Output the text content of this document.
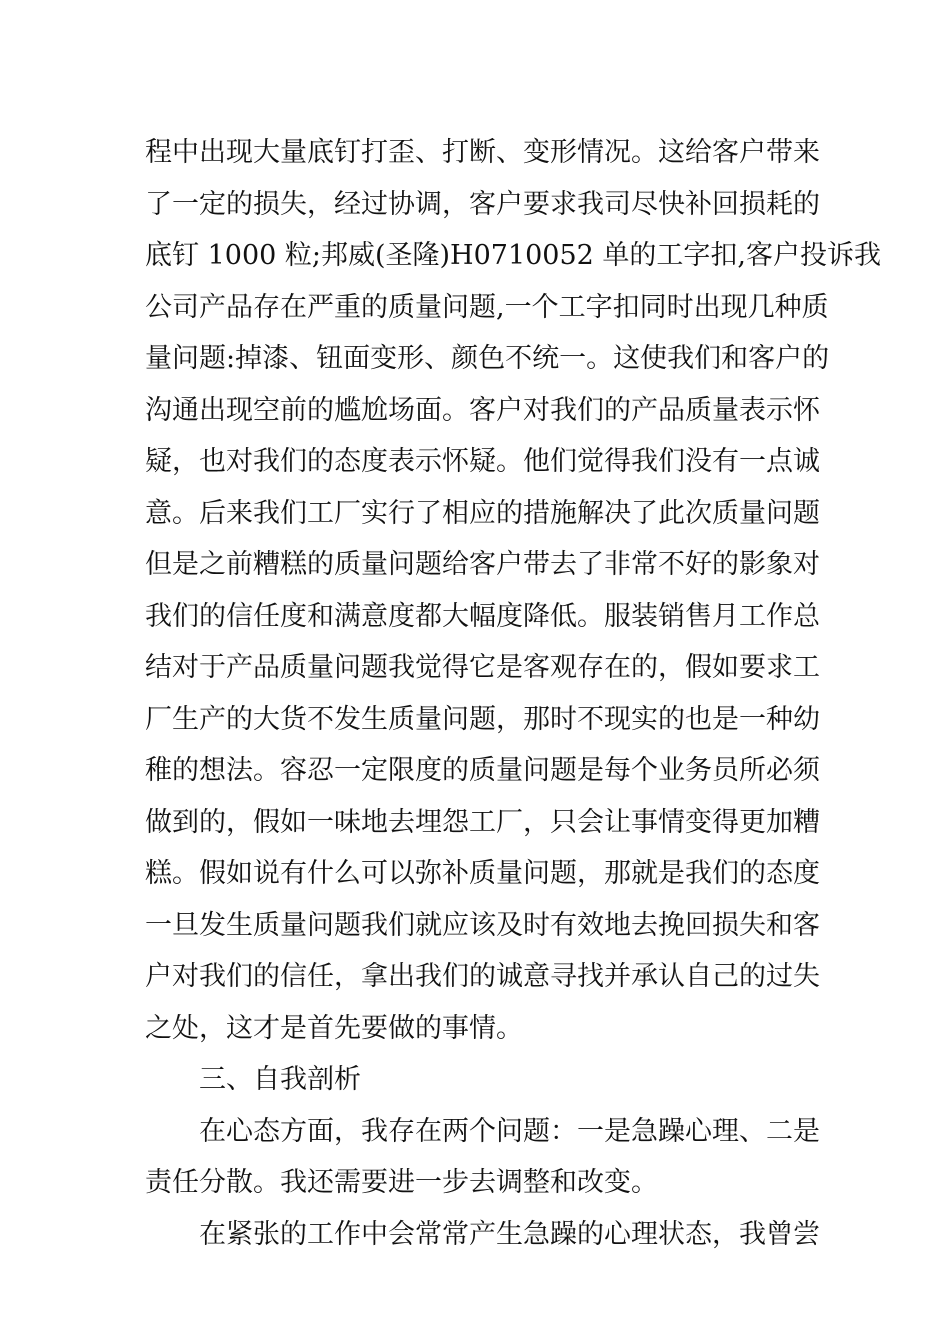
程中出现大量底钉打歪、打断、变形情况。这给客户带来
了一定的损失，经过协调，客户要求我司尽快补回损耗的
底钉 1000 粒;邦威(圣隆)H0710052 单的工字扣,客户投诉我
公司产品存在严重的质量问题,一个工字扣同时出现几种质
量问题:掉漆、钮面变形、颜色不统一。这使我们和客户的
沟通出现空前的尴尬场面。客户对我们的产品质量表示怀
疑，也对我们的态度表示怀疑。他们觉得我们没有一点诚
意。后来我们工厂实行了相应的措施解决了此次质量问题
但是之前糟糕的质量问题给客户带去了非常不好的影象对
我们的信任度和满意度都大幅度降低。服装销售月工作总
结对于产品质量问题我觉得它是客观存在的，假如要求工
厂生产的大货不发生质量问题，那时不现实的也是一种幼
稚的想法。容忍一定限度的质量问题是每个业务员所必须
做到的，假如一味地去埋怨工厂，只会让事情变得更加糟
糕。假如说有什么可以弥补质量问题，那就是我们的态度
一旦发生质量问题我们就应该及时有效地去挽回损失和客
户对我们的信任，拿出我们的诚意寻找并承认自己的过失
之处，这才是首先要做的事情。
三、自我剖析
在心态方面，我存在两个问题：一是急躁心理、二是
责任分散。我还需要进一步去调整和改变。
在紧张的工作中会常常产生急躁的心理状态，我曾尝
